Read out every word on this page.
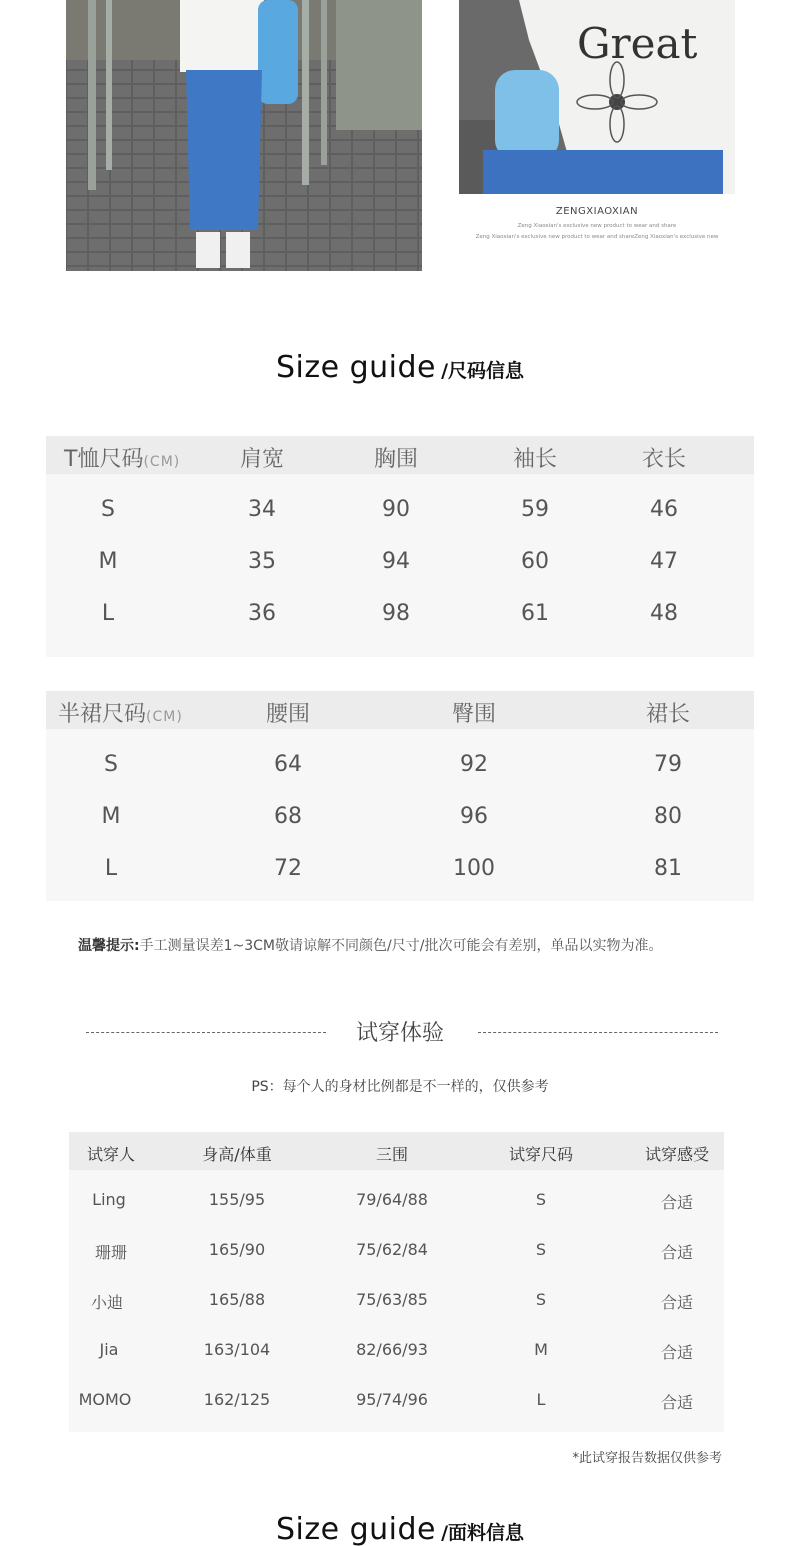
Great
ZENGXIAOXIAN
Zeng Xiaoxian's exclusive new product to wear and share
Zeng Xiaoxian's exclusive new product to wear and shareZeng Xiaoxian's exclusive new
Size guide /尺码信息
T恤尺码(CM)	肩宽	胸围	袖长	衣长
S	34	90	59	46
M	35	94	60	47
L	36	98	61	48
半裙尺码(CM)	腰围	臀围	裙长
S	64	92	79
M	68	96	80
L	72	100	81
温馨提示:手工测量误差1~3CM敬请谅解不同颜色/尺寸/批次可能会有差别，单品以实物为准。
试穿体验
PS：每个人的身材比例都是不一样的，仅供参考
试穿人	身高/体重	三围	试穿尺码	试穿感受
Ling	155/95	79/64/88	S	合适
珊珊	165/90	75/62/84	S	合适
小迪	165/88	75/63/85	S	合适
Jia	163/104	82/66/93	M	合适
MOMO	162/125	95/74/96	L	合适
*此试穿报告数据仅供参考
Size guide /面料信息
